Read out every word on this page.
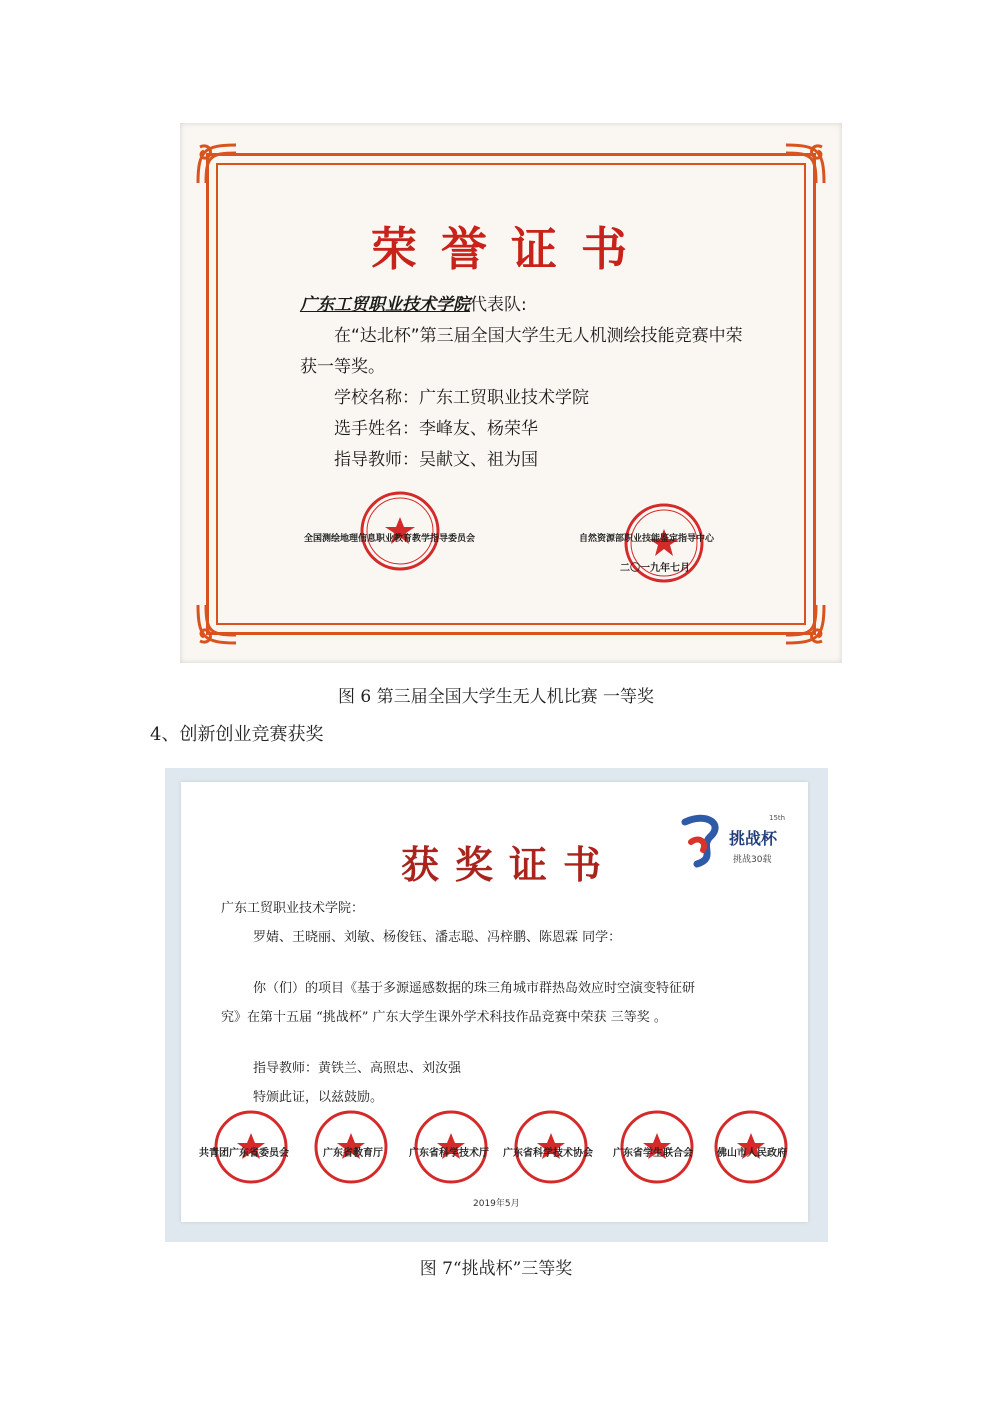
荣誉证书
广东工贸职业技术学院代表队:
在“达北杯”第三届全国大学生无人机测绘技能竞赛中荣
获一等奖。
学校名称：广东工贸职业技术学院
选手姓名：李峰友、杨荣华
指导教师：吴献文、祖为国
全国测绘地理信息职业教育教学指导委员会	自然资源部职业技能鉴定指导中心
二〇一九年七月
图 6 第三届全国大学生无人机比赛 一等奖
4、创新创业竞赛获奖
获奖证书
挑战杯
15th
挑战30载
广东工贸职业技术学院：
罗婧、王晓丽、刘敏、杨俊钰、潘志聪、冯梓鹏、陈恩霖 同学：
你（们）的项目《基于多源遥感数据的珠三角城市群热岛效应时空演变特征研
究》在第十五届 “挑战杯” 广东大学生课外学术科技作品竞赛中荣获 三等奖 。
指导教师：黄铁兰、高照忠、刘汝强
特颁此证，以兹鼓励。
共青团广东省委员会	广东省教育厅	广东省科学技术厅 广东省科学技术协会 广东省学生联合会 佛山市人民政府
2019年5月
图 7“挑战杯”三等奖
